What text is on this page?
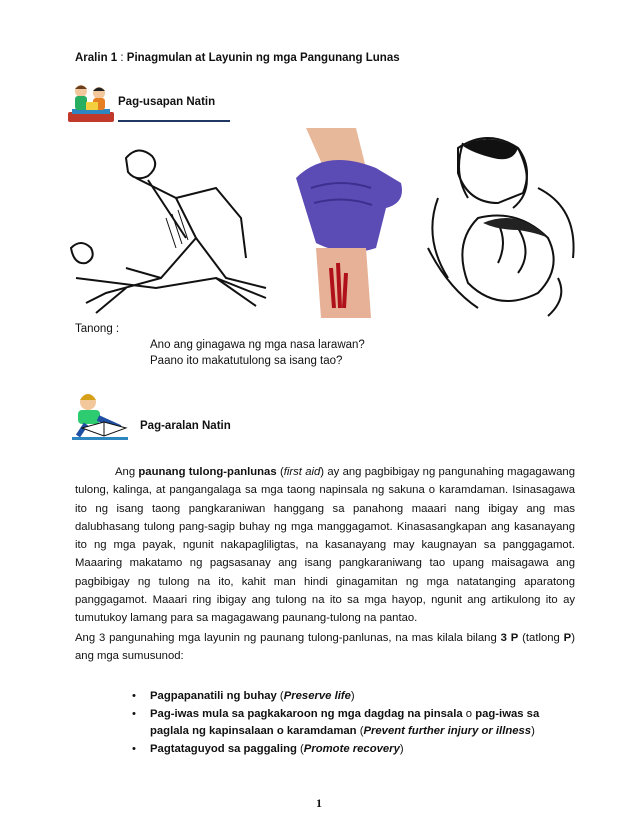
Aralin 1 : Pinagmulan at Layunin ng mga Pangunang Lunas
Pag-usapan Natin
Tanong :
Ano ang ginagawa ng mga nasa larawan?
Paano ito makatutulong sa isang tao?
Pag-aralan Natin
Ang paunang tulong-panlunas (first aid) ay ang pagbibigay ng pangunahing magagawang tulong, kalinga, at pangangalaga sa mga taong napinsala ng sakuna o karamdaman. Isinasagawa ito ng isang taong pangkaraniwan hanggang sa panahong maaari nang ibigay ang mas dalubhasang tulong pang-sagip buhay ng mga manggagamot. Kinasasangkapan ang kasanayang ito ng mga payak, ngunit nakapagliligtas, na kasanayang may kaugnayan sa panggagamot. Maaaring makatamo ng pagsasanay ang isang pangkaraniwang tao upang maisagawa ang pagbibigay ng tulong na ito, kahit man hindi ginagamitan ng mga natatanging aparatong panggagamot. Maaari ring ibigay ang tulong na ito sa mga hayop, ngunit ang artikulong ito ay tumutukoy lamang para sa magagawang paunang-tulong na pantao.
Ang 3 pangunahing mga layunin ng paunang tulong-panlunas, na mas kilala bilang 3 P (tatlong P) ang mga sumusunod:
• Pagpapanatili ng buhay (Preserve life)
• Pag-iwas mula sa pagkakaroon ng mga dagdag na pinsala o pag-iwas sa paglala ng kapinsalaan o karamdaman (Prevent further injury or illness)
• Pagtataguyod sa paggaling (Promote recovery)
1
